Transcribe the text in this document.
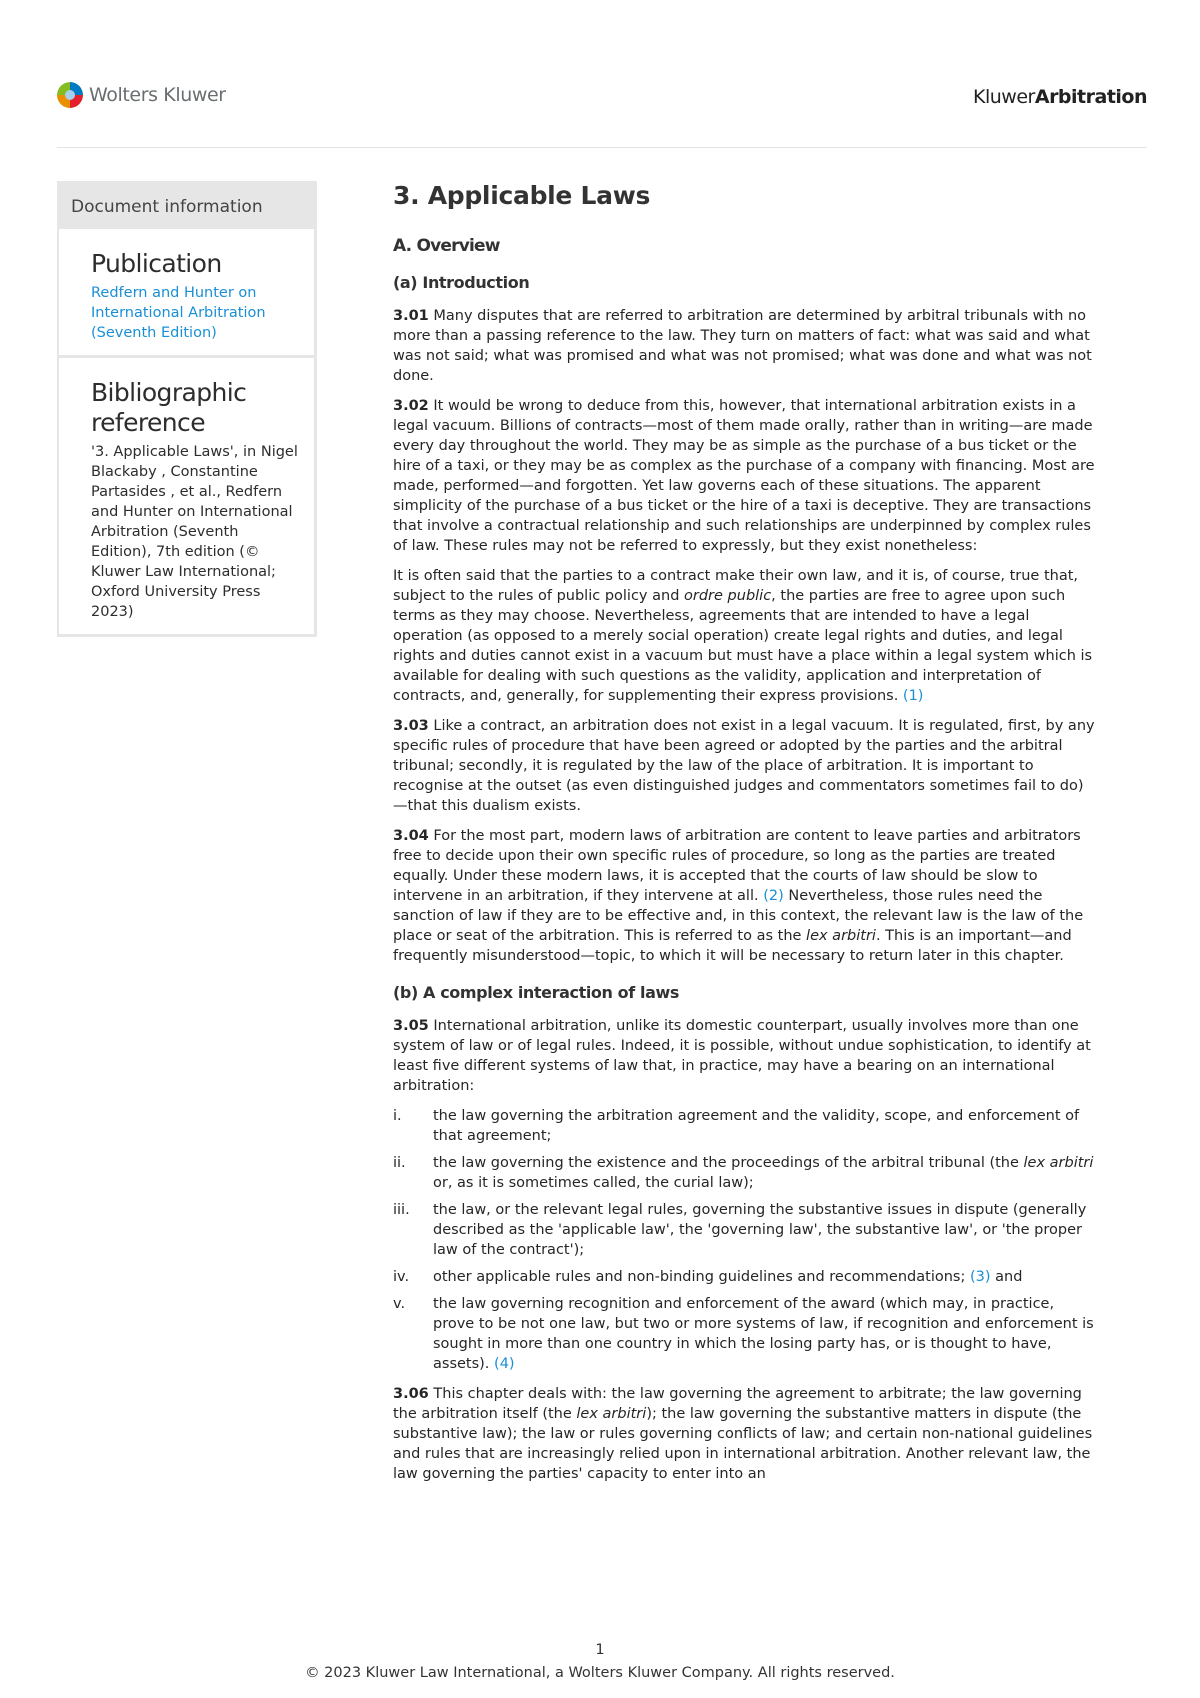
Wolters Kluwer	KluwerArbitration
Document information
Publication
Redfern and Hunter on International Arbitration (Seventh Edition)
Bibliographic reference
'3. Applicable Laws', in Nigel Blackaby , Constantine Partasides , et al., Redfern and Hunter on International Arbitration (Seventh Edition), 7th edition (© Kluwer Law International; Oxford University Press 2023)
3. Applicable Laws
A. Overview
(a) Introduction

3.01 Many disputes that are referred to arbitration are determined by arbitral tribunals with no more than a passing reference to the law. They turn on matters of fact: what was said and what was not said; what was promised and what was not promised; what was done and what was not done.

3.02 It would be wrong to deduce from this, however, that international arbitration exists in a legal vacuum. Billions of contracts—most of them made orally, rather than in writing—are made every day throughout the world. They may be as simple as the purchase of a bus ticket or the hire of a taxi, or they may be as complex as the purchase of a company with financing. Most are made, performed—and forgotten. Yet law governs each of these situations. The apparent simplicity of the purchase of a bus ticket or the hire of a taxi is deceptive. They are transactions that involve a contractual relationship and such relationships are underpinned by complex rules of law. These rules may not be referred to expressly, but they exist nonetheless:

It is often said that the parties to a contract make their own law, and it is, of course, true that, subject to the rules of public policy and ordre public, the parties are free to agree upon such terms as they may choose. Nevertheless, agreements that are intended to have a legal operation (as opposed to a merely social operation) create legal rights and duties, and legal rights and duties cannot exist in a vacuum but must have a place within a legal system which is available for dealing with such questions as the validity, application and interpretation of contracts, and, generally, for supplementing their express provisions. (1)

3.03 Like a contract, an arbitration does not exist in a legal vacuum. It is regulated, first, by any specific rules of procedure that have been agreed or adopted by the parties and the arbitral tribunal; secondly, it is regulated by the law of the place of arbitration. It is important to recognise at the outset (as even distinguished judges and commentators sometimes fail to do)—that this dualism exists.

3.04 For the most part, modern laws of arbitration are content to leave parties and arbitrators free to decide upon their own specific rules of procedure, so long as the parties are treated equally. Under these modern laws, it is accepted that the courts of law should be slow to intervene in an arbitration, if they intervene at all. (2) Nevertheless, those rules need the sanction of law if they are to be effective and, in this context, the relevant law is the law of the place or seat of the arbitration. This is referred to as the lex arbitri. This is an important—and frequently misunderstood—topic, to which it will be necessary to return later in this chapter.

(b) A complex interaction of laws

3.05 International arbitration, unlike its domestic counterpart, usually involves more than one system of law or of legal rules. Indeed, it is possible, without undue sophistication, to identify at least five different systems of law that, in practice, may have a bearing on an international arbitration:

i.	the law governing the arbitration agreement and the validity, scope, and enforcement of that agreement;
ii.	the law governing the existence and the proceedings of the arbitral tribunal (the lex arbitri or, as it is sometimes called, the curial law);
iii.	the law, or the relevant legal rules, governing the substantive issues in dispute (generally described as the 'applicable law', the 'governing law', the substantive law', or 'the proper law of the contract');
iv.	other applicable rules and non-binding guidelines and recommendations; (3) and
v.	the law governing recognition and enforcement of the award (which may, in practice, prove to be not one law, but two or more systems of law, if recognition and enforcement is sought in more than one country in which the losing party has, or is thought to have, assets). (4)

3.06 This chapter deals with: the law governing the agreement to arbitrate; the law governing the arbitration itself (the lex arbitri); the law governing the substantive matters in dispute (the substantive law); the law or rules governing conflicts of law; and certain non-national guidelines and rules that are increasingly relied upon in international arbitration. Another relevant law, the law governing the parties' capacity to enter into an

1
© 2023 Kluwer Law International, a Wolters Kluwer Company. All rights reserved.
